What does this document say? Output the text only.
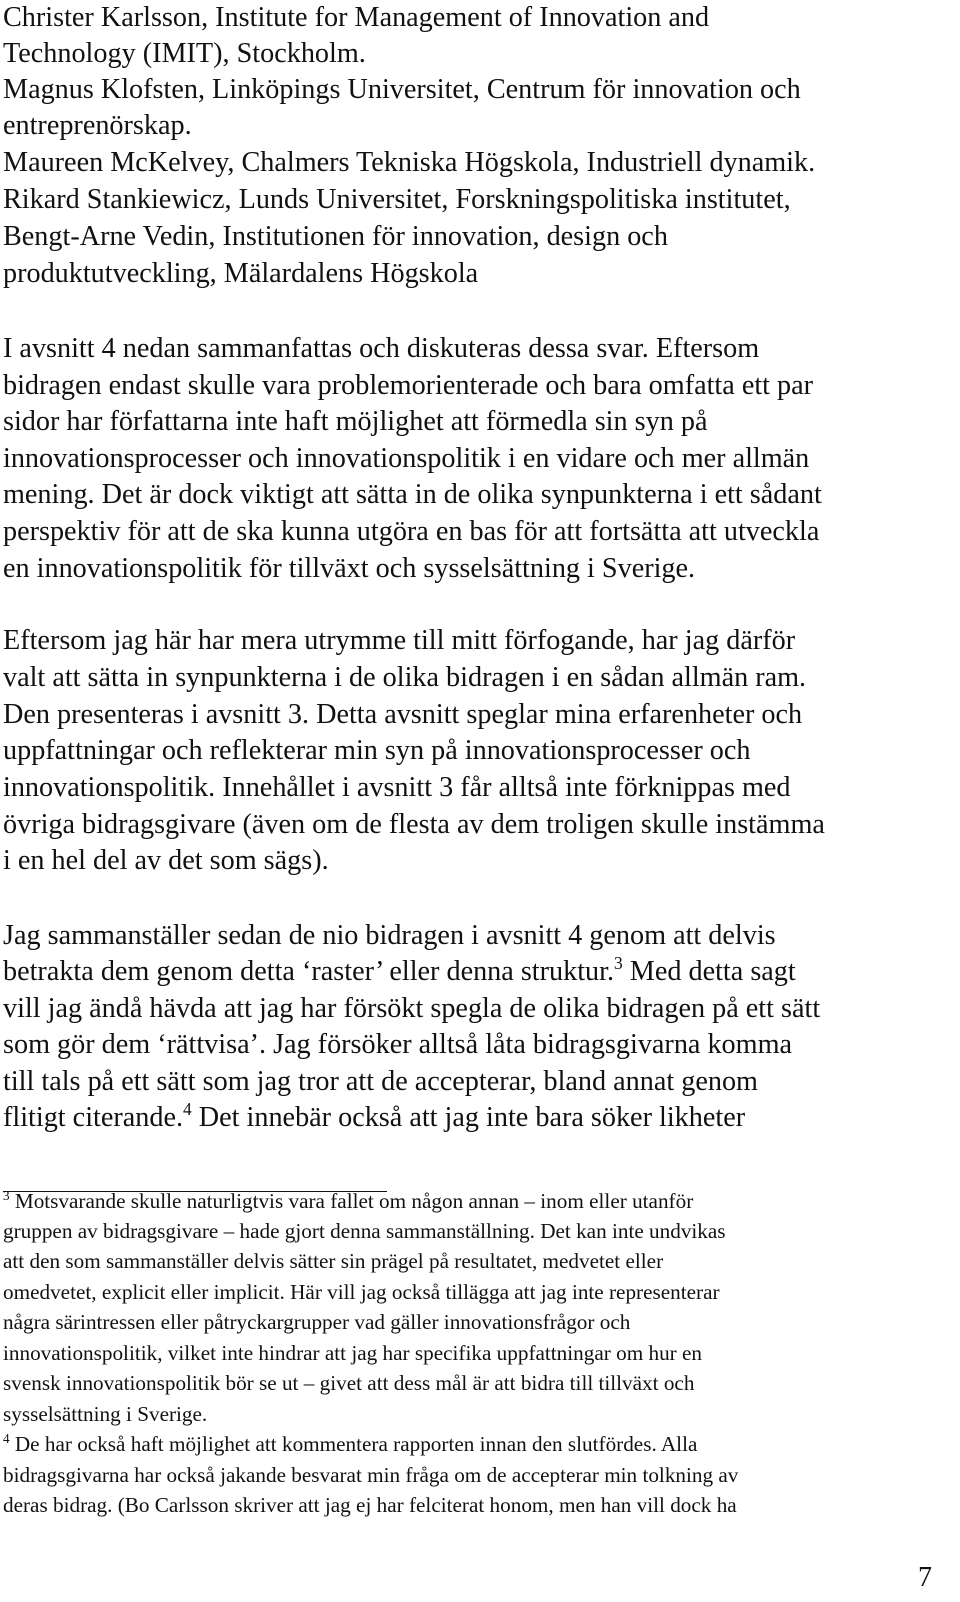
Christer Karlsson, Institute for Management of Innovation and
Technology (IMIT), Stockholm.
Magnus Klofsten, Linköpings Universitet, Centrum för innovation och
entreprenörskap.
Maureen McKelvey, Chalmers Tekniska Högskola, Industriell dynamik.
Rikard Stankiewicz, Lunds Universitet, Forskningspolitiska institutet,
Bengt-Arne Vedin, Institutionen för innovation, design och
produktutveckling, Mälardalens Högskola
I avsnitt 4 nedan sammanfattas och diskuteras dessa svar. Eftersom
bidragen endast skulle vara problemorienterade och bara omfatta ett par
sidor har författarna inte haft möjlighet att förmedla sin syn på
innovationsprocesser och innovationspolitik i en vidare och mer allmän
mening. Det är dock viktigt att sätta in de olika synpunkterna i ett sådant
perspektiv för att de ska kunna utgöra en bas för att fortsätta att utveckla
en innovationspolitik för tillväxt och sysselsättning i Sverige.
Eftersom jag här har mera utrymme till mitt förfogande, har jag därför
valt att sätta in synpunkterna i de olika bidragen i en sådan allmän ram.
Den presenteras i avsnitt 3. Detta avsnitt speglar mina erfarenheter och
uppfattningar och reflekterar min syn på innovationsprocesser och
innovationspolitik. Innehållet i avsnitt 3 får alltså inte förknippas med
övriga bidragsgivare (även om de flesta av dem troligen skulle instämma
i en hel del av det som sägs).
Jag sammanställer sedan de nio bidragen i avsnitt 4 genom att delvis
betrakta dem genom detta ‘raster’ eller denna struktur.$^3$ Med detta sagt
vill jag ändå hävda att jag har försökt spegla de olika bidragen på ett sätt
som gör dem ‘rättvisa’. Jag försöker alltså låta bidragsgivarna komma
till tals på ett sätt som jag tror att de accepterar, bland annat genom
flitigt citerande.$^4$ Det innebär också att jag inte bara söker likheter
$^3$ Motsvarande skulle naturligtvis vara fallet om någon annan – inom eller utanför
gruppen av bidragsgivare – hade gjort denna sammanställning. Det kan inte undvikas
att den som sammanställer delvis sätter sin prägel på resultatet, medvetet eller
omedvetet, explicit eller implicit. Här vill jag också tillägga att jag inte representerar
några särintressen eller påtryckargrupper vad gäller innovationsfrågor och
innovationspolitik, vilket inte hindrar att jag har specifika uppfattningar om hur en
svensk innovationspolitik bör se ut – givet att dess mål är att bidra till tillväxt och
sysselsättning i Sverige.
$^4$ De har också haft möjlighet att kommentera rapporten innan den slutfördes. Alla
bidragsgivarna har också jakande besvarat min fråga om de accepterar min tolkning av
deras bidrag. (Bo Carlsson skriver att jag ej har felciterat honom, men han vill dock ha
7
